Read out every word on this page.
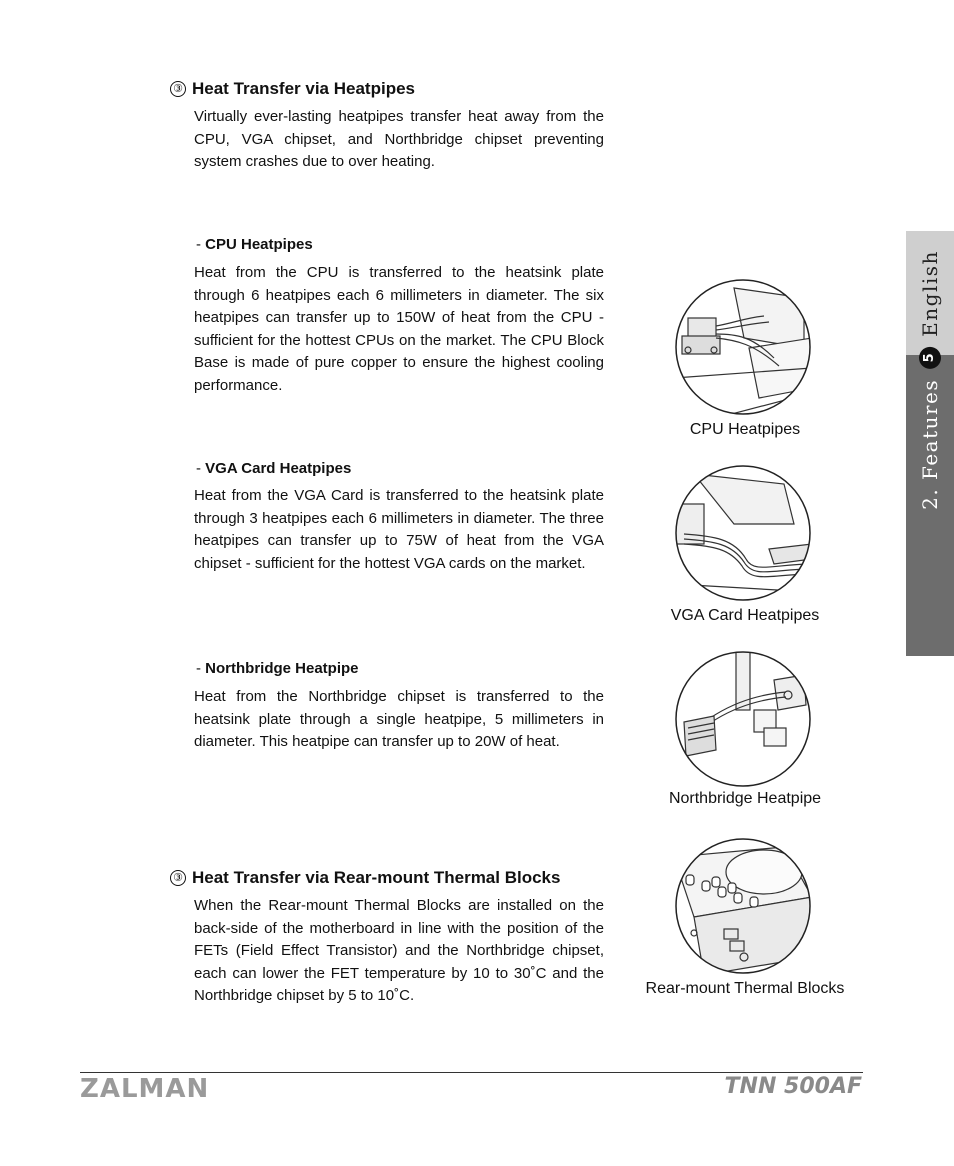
③ Heat Transfer via Heatpipes

Virtually ever-lasting heatpipes transfer heat away from the CPU, VGA chipset, and Northbridge chipset preventing system crashes due to over heating.

- CPU Heatpipes

Heat from the CPU is transferred to the heatsink plate through 6 heatpipes each 6 millimeters in diameter. The six heatpipes can transfer up to 150W of heat from the CPU - sufficient for the hottest CPUs on the market. The CPU Block Base is made of pure copper to ensure the highest cooling performance.

CPU Heatpipes
- VGA Card Heatpipes

Heat from the VGA Card is transferred to the heatsink plate through 3 heatpipes each 6 millimeters in diameter. The three heatpipes can transfer up to 75W of heat from the VGA chipset - sufficient for the hottest VGA cards on the market.

VGA Card Heatpipes
- Northbridge Heatpipe

Heat from the Northbridge chipset is transferred to the heatsink plate through a single heatpipe, 5 millimeters in diameter. This heatpipe can transfer up to 20W of heat.

Northbridge Heatpipe
③ Heat Transfer via Rear-mount Thermal Blocks

When the Rear-mount Thermal Blocks are installed on the back-side of the motherboard in line with the position of the FETs (Field Effect Transistor) and the Northbridge chipset, each can lower the FET temperature by 10 to 30˚C and the Northbridge chipset by 5 to 10˚C.	Rear-mount Thermal Blocks
2. Features
5
English
ZALMAN	TNN 500AF
